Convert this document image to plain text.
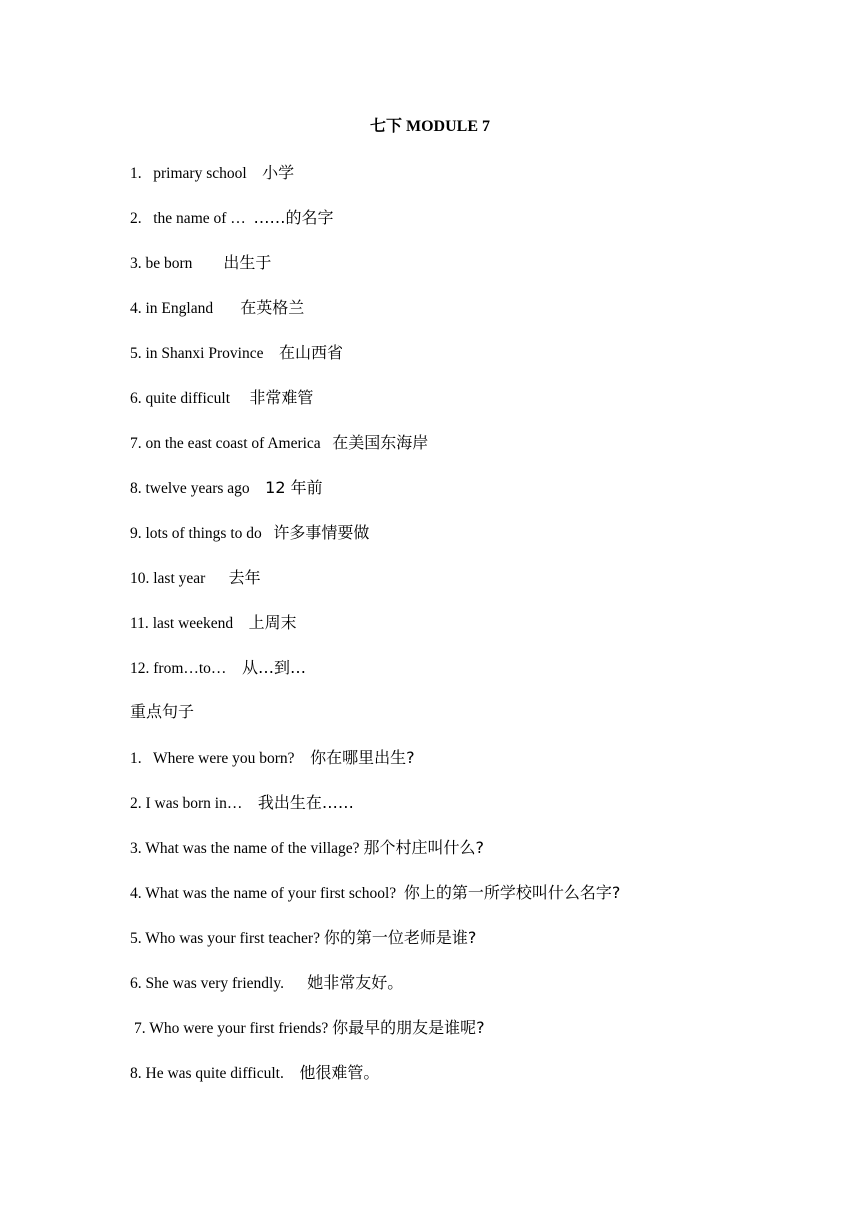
七下 MODULE 7
1. primary school 小学
2. the name of … ……的名字
3. be born 出生于
4. in England 在英格兰
5. in Shanxi Province 在山西省
6. quite difficult 非常难管
7. on the east coast of America 在美国东海岸
8. twelve years ago 12 年前
9. lots of things to do 许多事情要做
10. last year 去年
11. last weekend 上周末
12. from…to… 从…到…
重点句子
1. Where were you born? 你在哪里出生?
2. I was born in… 我出生在……
3. What was the name of the village? 那个村庄叫什么?
4. What was the name of your first school? 你上的第一所学校叫什么名字?
5. Who was your first teacher? 你的第一位老师是谁?
6. She was very friendly. 她非常友好。
7. Who were your first friends? 你最早的朋友是谁呢?
8. He was quite difficult. 他很难管。
